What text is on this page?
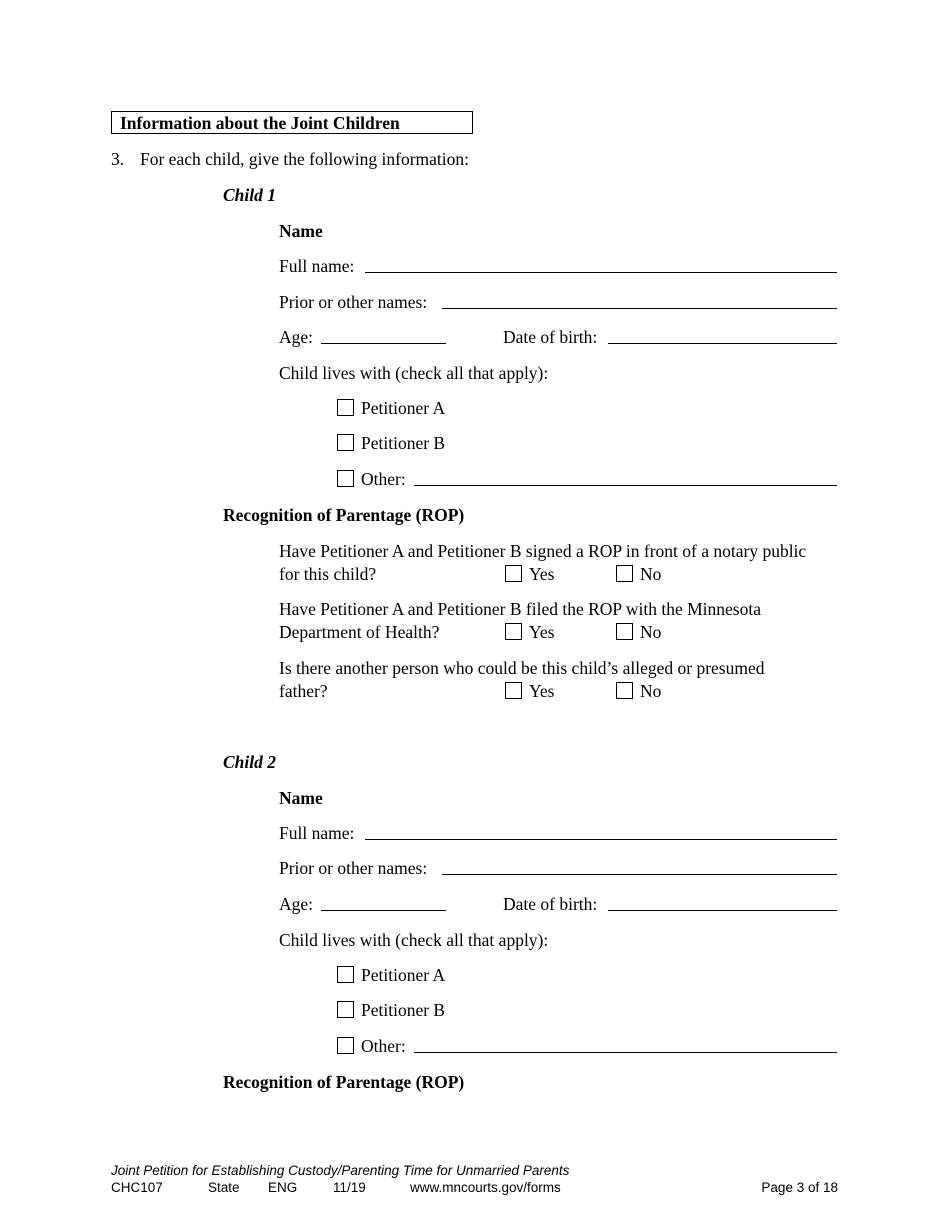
Information about the Joint Children
3. For each child, give the following information:
Child 1
Name
Full name:
Prior or other names:
Age:	Date of birth:
Child lives with (check all that apply):
Petitioner A
Petitioner B
Other:
Recognition of Parentage (ROP)
Have Petitioner A and Petitioner B signed a ROP in front of a notary public
for this child?	Yes	No
Have Petitioner A and Petitioner B filed the ROP with the Minnesota
Department of Health?	Yes	No
Is there another person who could be this child’s alleged or presumed
father?	Yes	No
Child 2
Name
Full name:
Prior or other names:
Age:	Date of birth:
Child lives with (check all that apply):
Petitioner A
Petitioner B
Other:
Recognition of Parentage (ROP)
Joint Petition for Establishing Custody/Parenting Time for Unmarried Parents
CHC107	State ENG	11/19	www.mncourts.gov/forms	Page 3 of 18
